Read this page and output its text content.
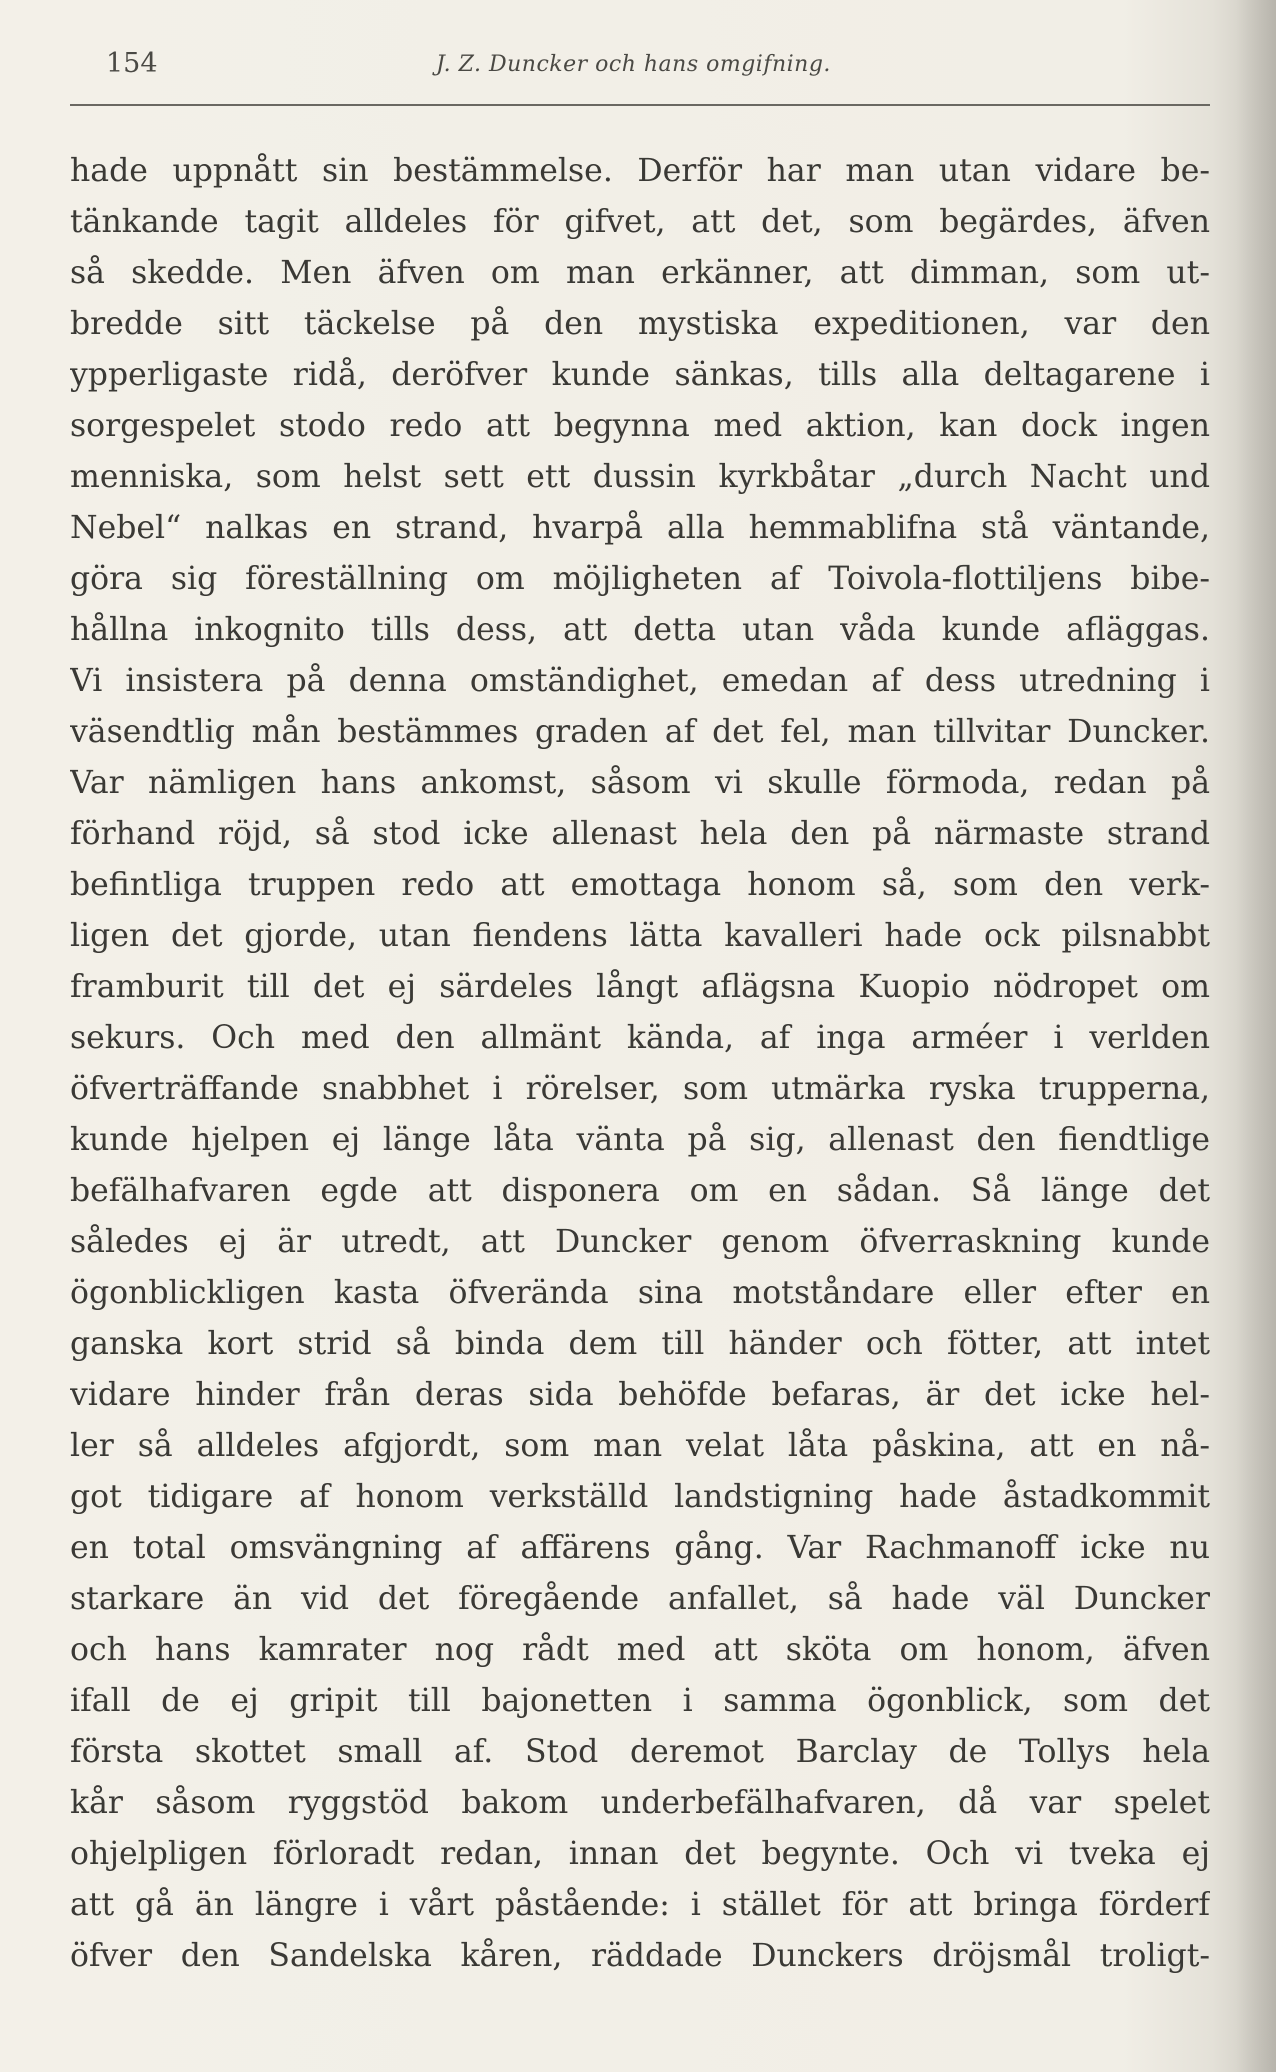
154	J. Z. Duncker och hans omgifning.
hade uppnått sin bestämmelse. Derför har man utan vidare be-
tänkande tagit alldeles för gifvet, att det, som begärdes, äfven
så skedde. Men äfven om man erkänner, att dimman, som ut-
bredde sitt täckelse på den mystiska expeditionen, var den
ypperligaste ridå, deröfver kunde sänkas, tills alla deltagarene i
sorgespelet stodo redo att begynna med aktion, kan dock ingen
menniska, som helst sett ett dussin kyrkbåtar „durch Nacht und
Nebel“ nalkas en strand, hvarpå alla hemmablifna stå väntande,
göra sig föreställning om möjligheten af Toivola-flottiljens bibe-
hållna inkognito tills dess, att detta utan våda kunde afläggas.
Vi insistera på denna omständighet, emedan af dess utredning i
väsendtlig mån bestämmes graden af det fel, man tillvitar Duncker.
Var nämligen hans ankomst, såsom vi skulle förmoda, redan på
förhand röjd, så stod icke allenast hela den på närmaste strand
befintliga truppen redo att emottaga honom så, som den verk-
ligen det gjorde, utan fiendens lätta kavalleri hade ock pilsnabbt
framburit till det ej särdeles långt aflägsna Kuopio nödropet om
sekurs. Och med den allmänt kända, af inga arméer i verlden
öfverträffande snabbhet i rörelser, som utmärka ryska trupperna,
kunde hjelpen ej länge låta vänta på sig, allenast den fiendtlige
befälhafvaren egde att disponera om en sådan. Så länge det
således ej är utredt, att Duncker genom öfverraskning kunde
ögonblickligen kasta öfverända sina motståndare eller efter en
ganska kort strid så binda dem till händer och fötter, att intet
vidare hinder från deras sida behöfde befaras, är det icke hel-
ler så alldeles afgjordt, som man velat låta påskina, att en nå-
got tidigare af honom verkställd landstigning hade åstadkommit
en total omsvängning af affärens gång. Var Rachmanoff icke nu
starkare än vid det föregående anfallet, så hade väl Duncker
och hans kamrater nog rådt med att sköta om honom, äfven
ifall de ej gripit till bajonetten i samma ögonblick, som det
första skottet small af. Stod deremot Barclay de Tollys hela
kår såsom ryggstöd bakom underbefälhafvaren, då var spelet
ohjelpligen förloradt redan, innan det begynte. Och vi tveka ej
att gå än längre i vårt påstående: i stället för att bringa förderf
öfver den Sandelska kåren, räddade Dunckers dröjsmål troligt-
